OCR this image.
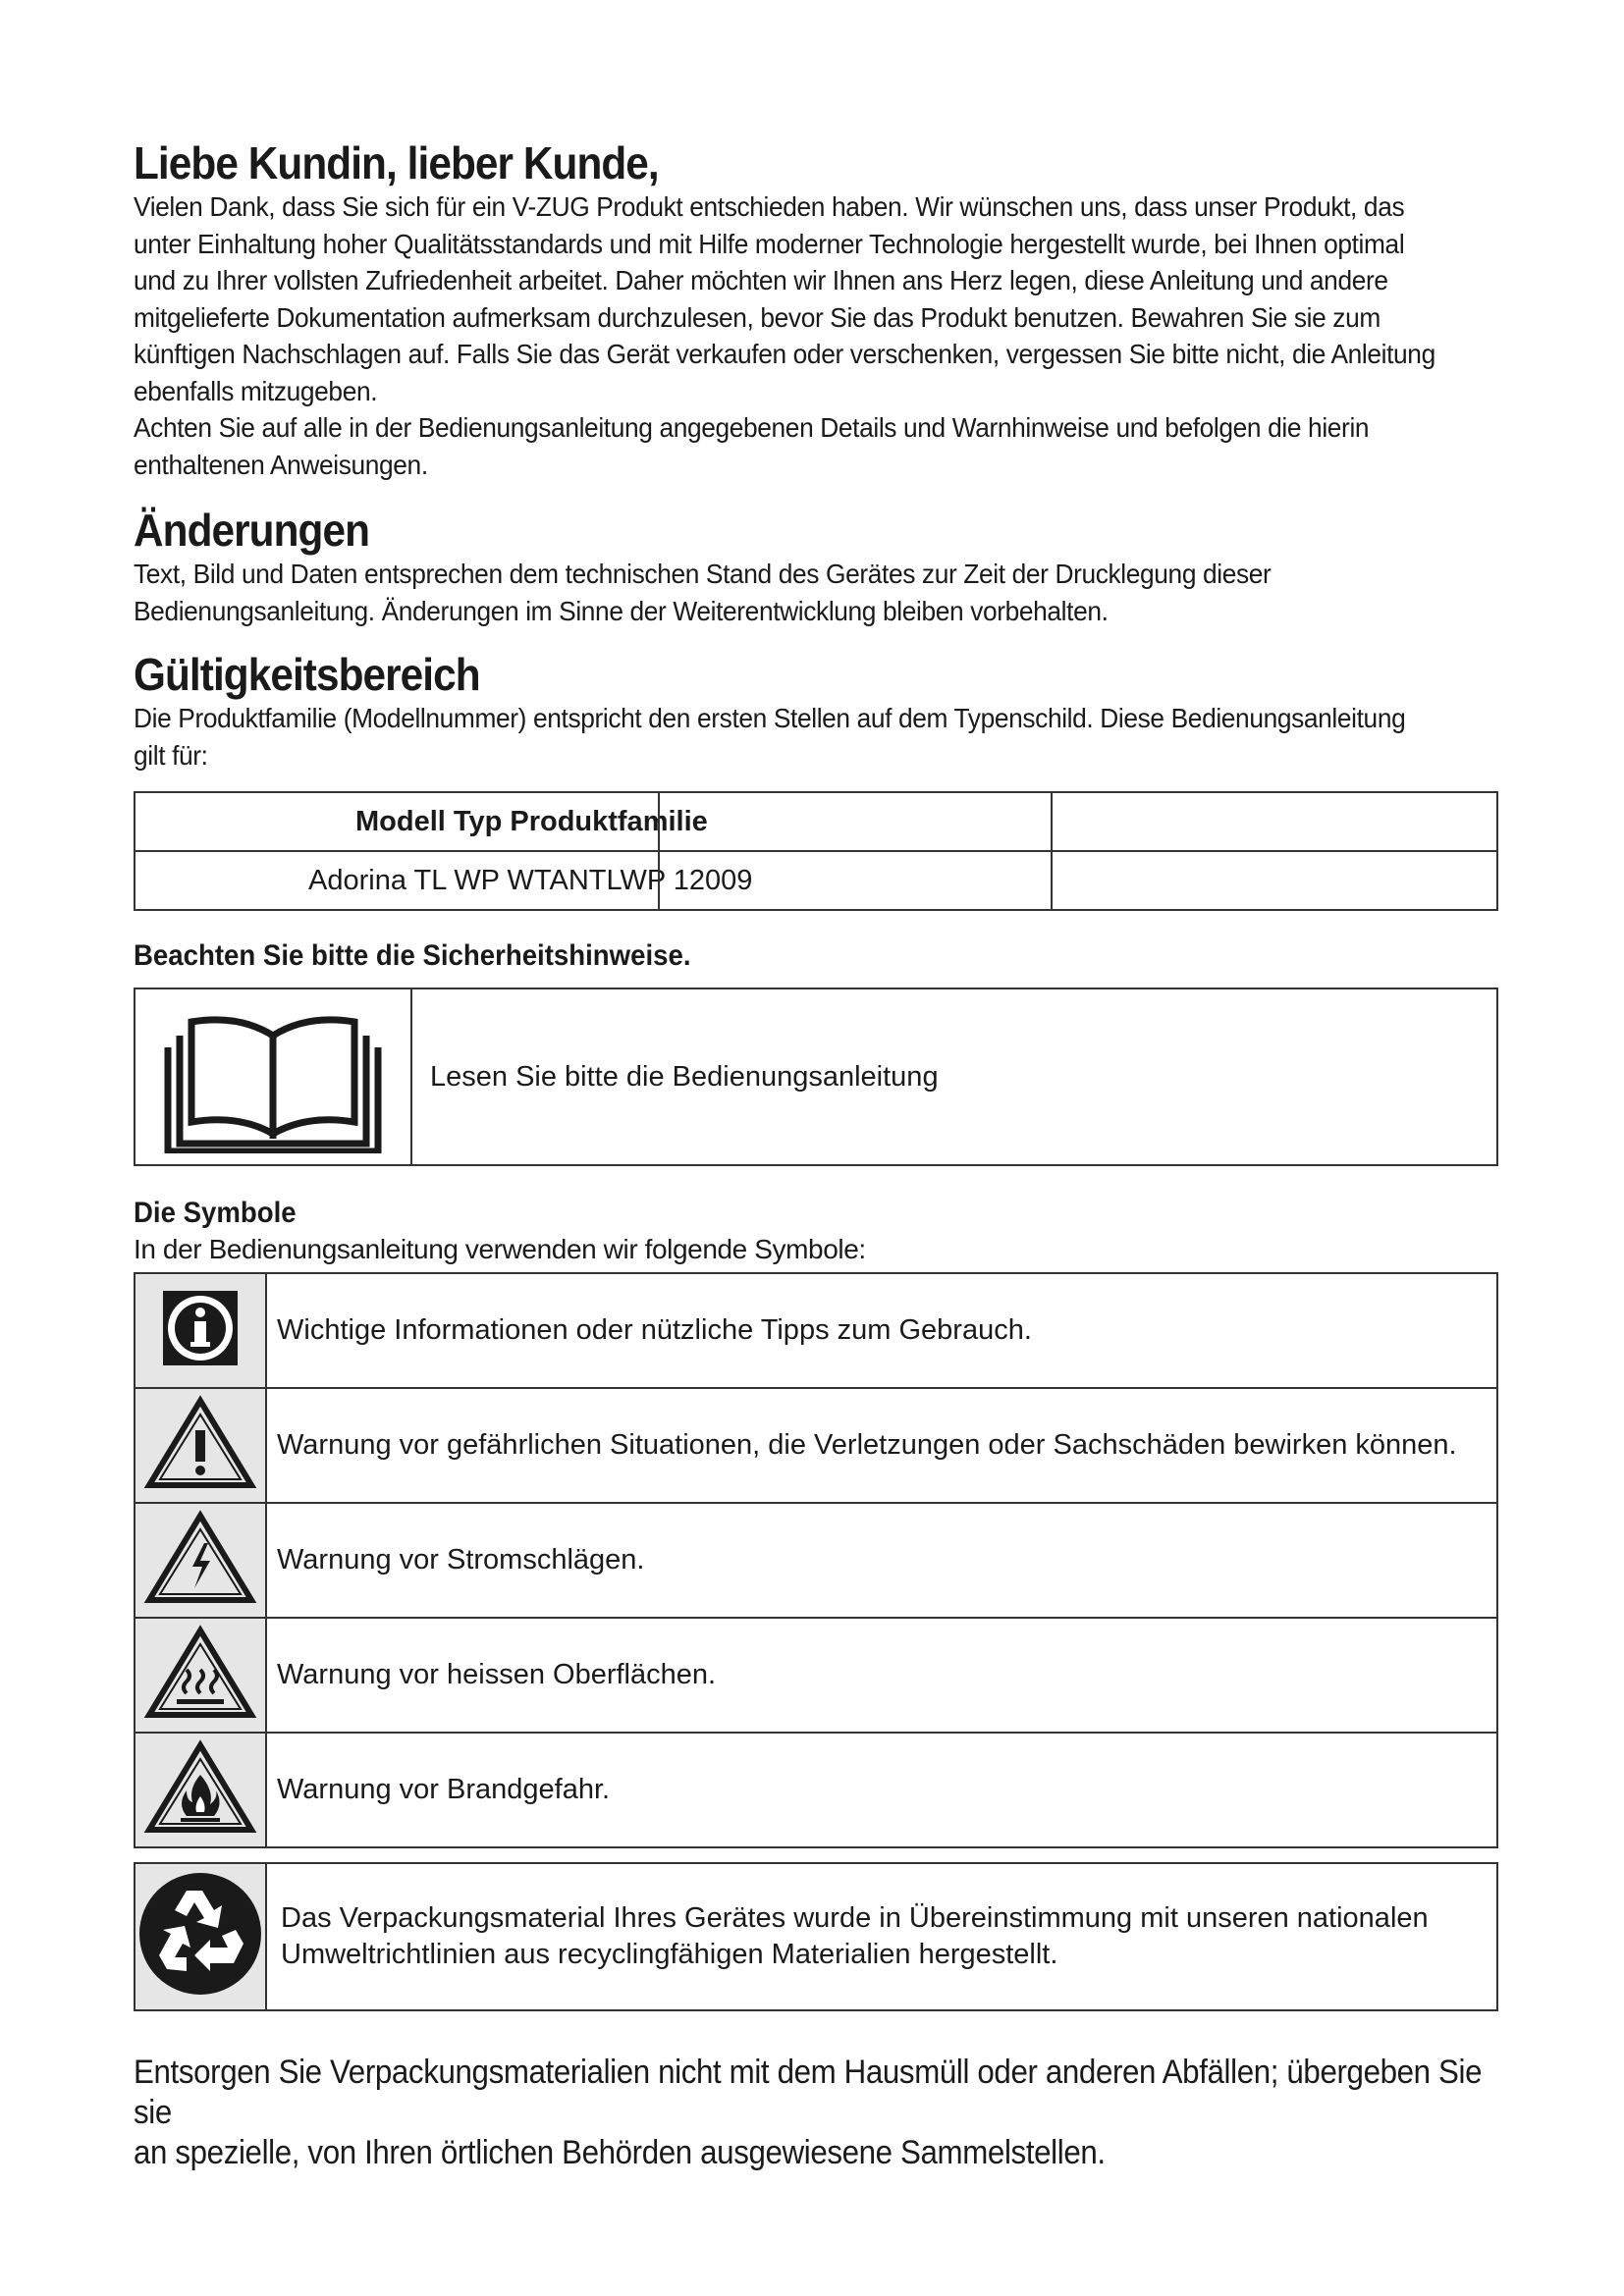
Liebe Kundin, lieber Kunde,

Vielen Dank, dass Sie sich für ein V-ZUG Produkt entschieden haben. Wir wünschen uns, dass unser Produkt, das

unter Einhaltung hoher Qualitätsstandards und mit Hilfe moderner Technologie hergestellt wurde, bei Ihnen optimal

und zu Ihrer vollsten Zufriedenheit arbeitet. Daher möchten wir Ihnen ans Herz legen, diese Anleitung und andere

mitgelieferte Dokumentation aufmerksam durchzulesen, bevor Sie das Produkt benutzen. Bewahren Sie sie zum

künftigen Nachschlagen auf. Falls Sie das Gerät verkaufen oder verschenken, vergessen Sie bitte nicht, die Anleitung

ebenfalls mitzugeben.

Achten Sie auf alle in der Bedienungsanleitung angegebenen Details und Warnhinweise und befolgen die hierin

enthaltenen Anweisungen.

Änderungen

Text, Bild und Daten entsprechen dem technischen Stand des Gerätes zur Zeit der Drucklegung dieser

Bedienungsanleitung. Änderungen im Sinne der Weiterentwicklung bleiben vorbehalten.

Gültigkeitsbereich

Die Produktfamilie (Modellnummer) entspricht den ersten Stellen auf dem Typenschild. Diese Bedienungsanleitung

gilt für:

Modell Typ Produktfamilie

Adorina TL WP WTANTLWP 12009

Beachten Sie bitte die Sicherheitshinweise.
	Lesen Sie bitte die Bedienungsanleitung
Die Symbole

In der Bedienungsanleitung verwenden wir folgende Symbole:

	Wichtige Informationen oder nützliche Tipps zum Gebrauch.
	Warnung vor gefährlichen Situationen, die Verletzungen oder Sachschäden bewirken können.
	Warnung vor Stromschlägen.
	Warnung vor heissen Oberflächen.
	Warnung vor Brandgefahr.

Das Verpackungsmaterial Ihres Gerätes wurde in Übereinstimmung mit unseren nationalen
Umweltrichtlinien aus recyclingfähigen Materialien hergestellt.

Entsorgen Sie Verpackungsmaterialien nicht mit dem Hausmüll oder anderen Abfällen; übergeben Sie sie

an spezielle, von Ihren örtlichen Behörden ausgewiesene Sammelstellen.
